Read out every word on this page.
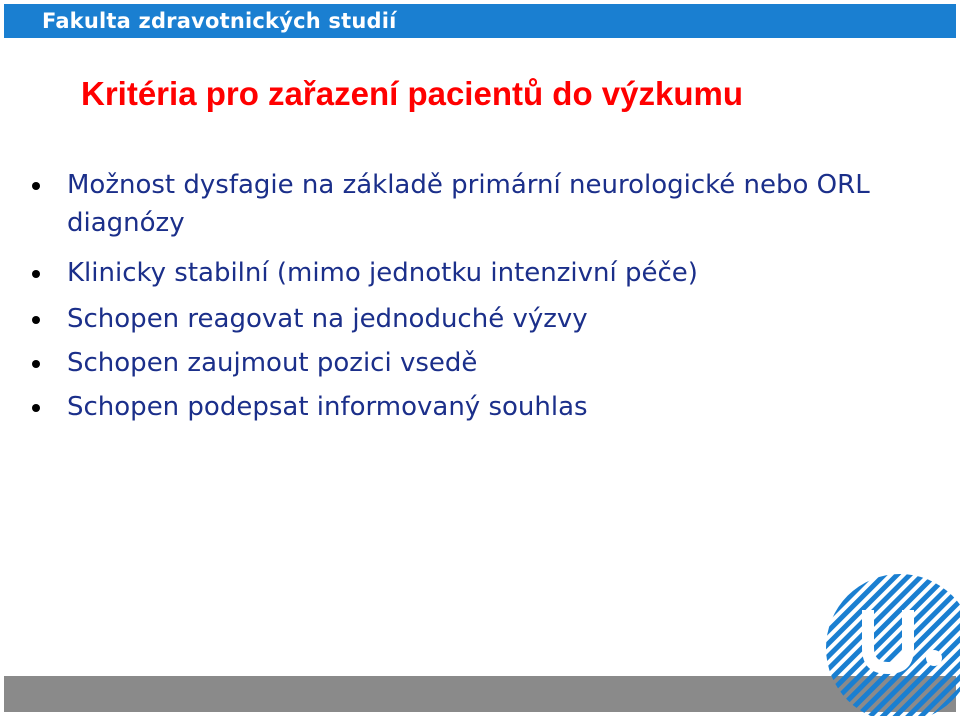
Fakulta zdravotnických studií
Kritéria pro zařazení pacientů do výzkumu
Možnost dysfagie na základě primární neurologické nebo ORL diagnózy
Klinicky stabilní (mimo jednotku intenzivní péče)
Schopen reagovat na jednoduché výzvy
Schopen zaujmout pozici vsedě
Schopen podepsat informovaný souhlas
